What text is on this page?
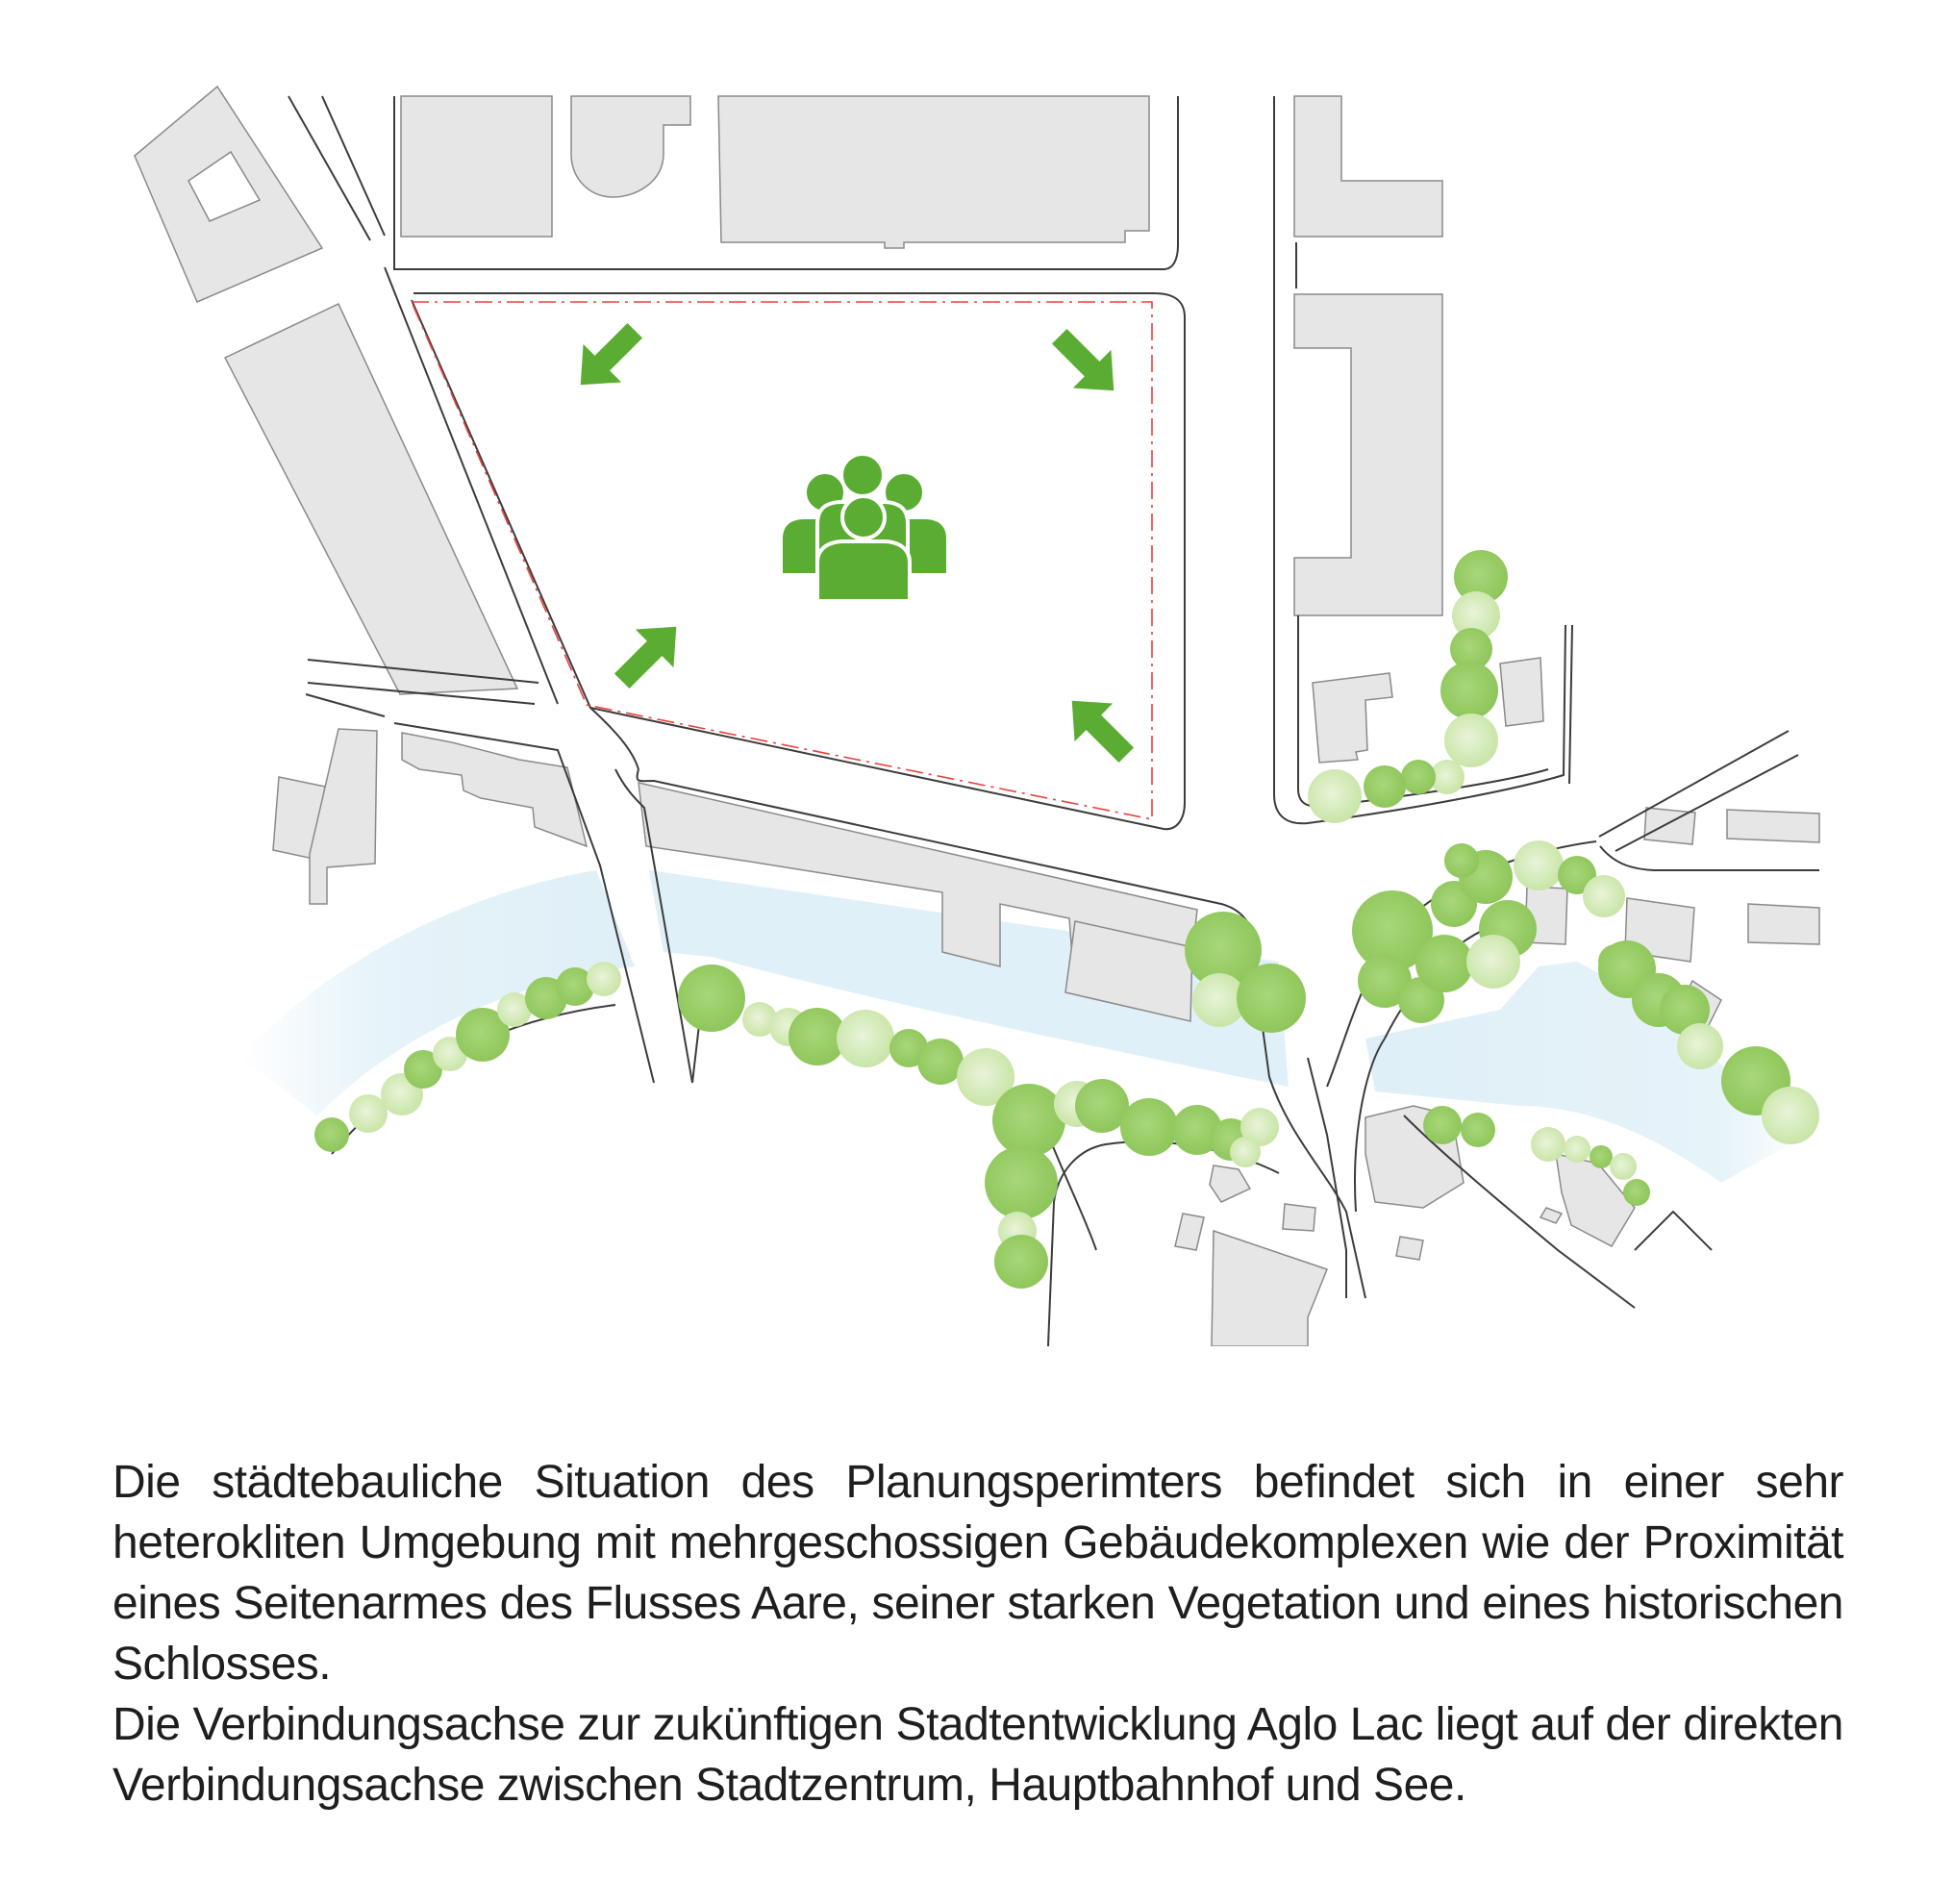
Die städtebauliche Situation des Planungsperimters befindet sich in einer sehr heterokliten Umgebung mit mehrgeschossigen Gebäudekomplexen wie der Proximität eines Seitenarmes des Flusses Aare, seiner starken Vegetation und eines historischen Schlosses.

Die Verbindungsachse zur zukünftigen Stadtentwicklung Aglo Lac liegt auf der direkten Verbindungsachse zwischen Stadtzentrum, Hauptbahnhof und See.
